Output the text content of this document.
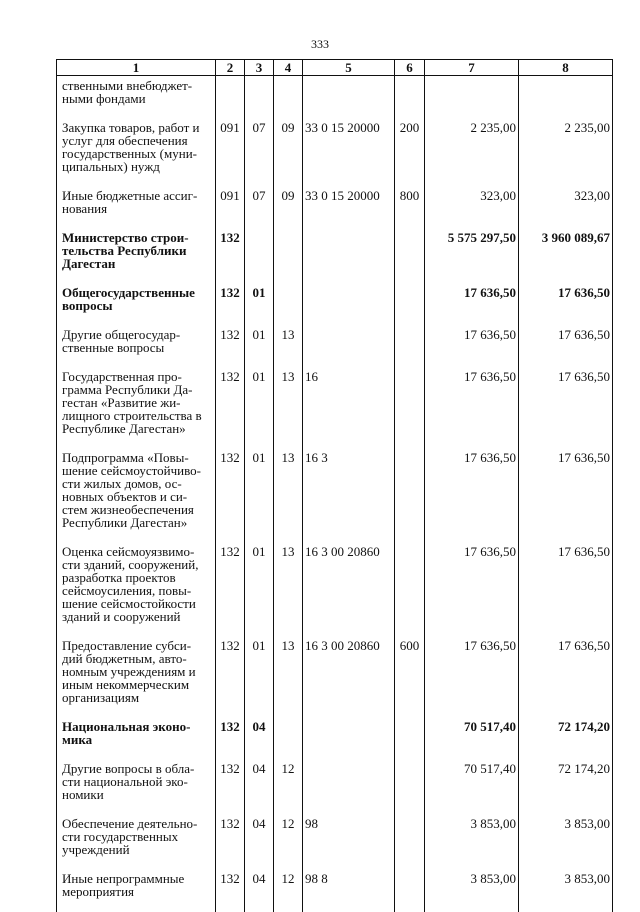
333
1	2	3	4	5	6	7	8
ственными внебюджет-ными фондами							
Закупка товаров, работ и услуг для обеспечения государственных (муни-ципальных) нужд	091	07	09	33 0 15 20000	200	2 235,00	2 235,00
Иные бюджетные ассиг-нования	091	07	09	33 0 15 20000	800	323,00	323,00
Министерство строи-тельства Республики Дагестан	132					5 575 297,50	3 960 089,67
Общегосударственные вопросы	132	01				17 636,50	17 636,50
Другие общегосудар-ственные вопросы	132	01	13			17 636,50	17 636,50
Государственная про-грамма Республики Да-гестан «Развитие жи-лищного строительства в Республике Дагестан»	132	01	13	16		17 636,50	17 636,50
Подпрограмма «Повы-шение сейсмоустойчиво-сти жилых домов, ос-новных объектов и си-стем жизнеобеспечения Республики Дагестан»	132	01	13	16 3		17 636,50	17 636,50
Оценка сейсмоуязвимо-сти зданий, сооружений, разработка проектов сейсмоусиления, повы-шение сейсмостойкости зданий и сооружений	132	01	13	16 3 00 20860		17 636,50	17 636,50
Предоставление субси-дий бюджетным, авто-номным учреждениям и иным некоммерческим организациям	132	01	13	16 3 00 20860	600	17 636,50	17 636,50
Национальная эконо-мика	132	04				70 517,40	72 174,20
Другие вопросы в обла-сти национальной эко-номики	132	04	12			70 517,40	72 174,20
Обеспечение деятельно-сти государственных учреждений	132	04	12	98		3 853,00	3 853,00
Иные непрограммные мероприятия	132	04	12	98 8		3 853,00	3 853,00
